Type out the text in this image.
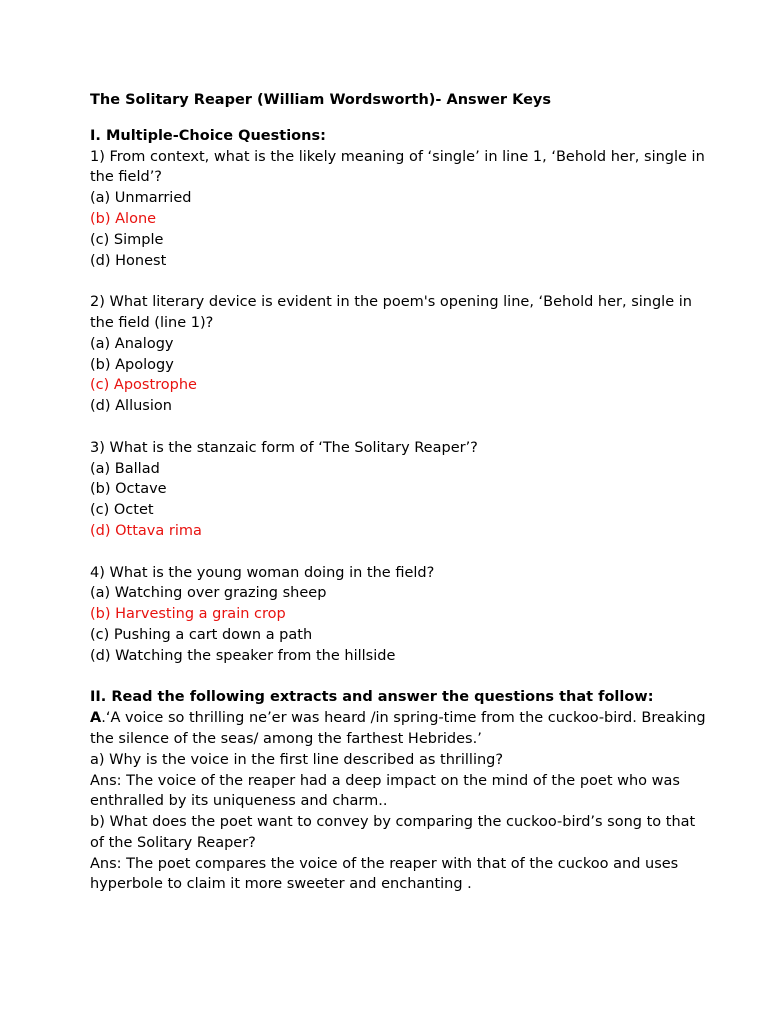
The Solitary Reaper (William Wordsworth)- Answer Keys
I. Multiple-Choice Questions:
1) From context, what is the likely meaning of ‘single’ in line 1, ‘Behold her, single in the field’?
(a) Unmarried
(b) Alone
(c) Simple
(d) Honest
2) What literary device is evident in the poem's opening line, ‘Behold her, single in the field (line 1)?
(a) Analogy
(b) Apology
(c) Apostrophe
(d) Allusion
3) What is the stanzaic form of ‘The Solitary Reaper’?
(a) Ballad
(b) Octave
(c) Octet
(d) Ottava rima
4) What is the young woman doing in the field?
(a) Watching over grazing sheep
(b) Harvesting a grain crop
(c) Pushing a cart down a path
(d) Watching the speaker from the hillside
II. Read the following extracts and answer the questions that follow:
A.‘A voice so thrilling ne’er was heard /in spring-time from the cuckoo-bird. Breaking the silence of the seas/ among the farthest Hebrides.’
a) Why is the voice in the first line described as thrilling?
Ans: The voice of the reaper had a deep impact on the mind of the poet who was enthralled by its uniqueness and charm..
b) What does the poet want to convey by comparing the cuckoo-bird’s song to that of the Solitary Reaper?
Ans: The poet compares the voice of the reaper with that of the cuckoo and uses hyperbole to claim it more sweeter and enchanting .
